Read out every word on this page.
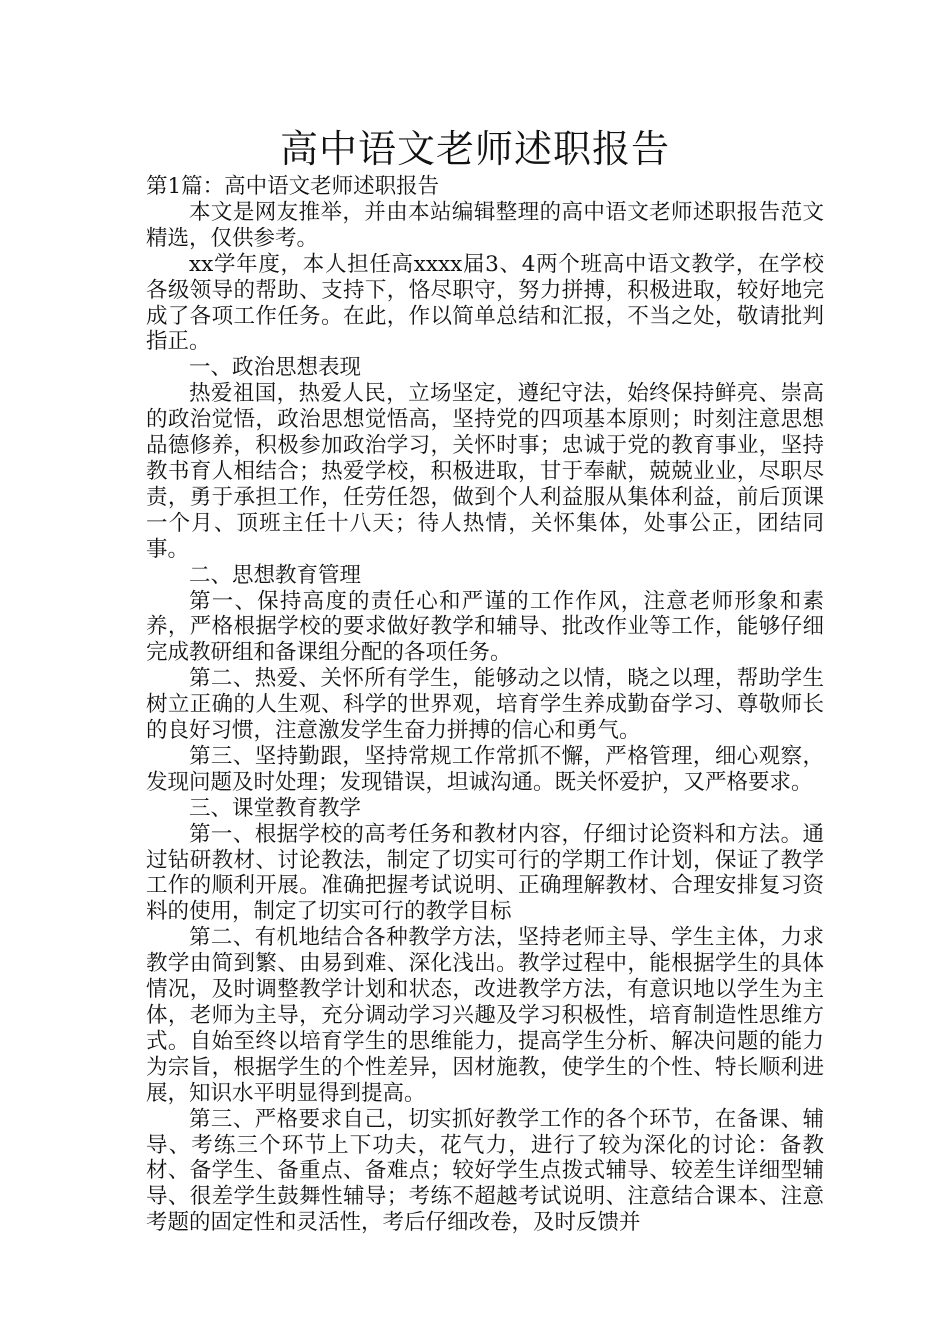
高中语文老师述职报告

第1篇：高中语文老师述职报告

本文是网友推举，并由本站编辑整理的高中语文老师述职报告范文精选，仅供参考。

xx学年度，本人担任高xxxx届3、4两个班高中语文教学，在学校各级领导的帮助、支持下，恪尽职守，努力拼搏，积极进取，较好地完成了各项工作任务。在此，作以简单总结和汇报，不当之处，敬请批判指正。

一、政治思想表现

热爱祖国，热爱人民，立场坚定，遵纪守法，始终保持鲜亮、崇高的政治觉悟，政治思想觉悟高，坚持党的四项基本原则；时刻注意思想品德修养，积极参加政治学习，关怀时事；忠诚于党的教育事业，坚持教书育人相结合；热爱学校，积极进取，甘于奉献，兢兢业业，尽职尽责，勇于承担工作，任劳任怨，做到个人利益服从集体利益，前后顶课一个月、顶班主任十八天；待人热情，关怀集体，处事公正，团结同事。

二、思想教育管理

第一、保持高度的责任心和严谨的工作作风，注意老师形象和素养，严格根据学校的要求做好教学和辅导、批改作业等工作，能够仔细完成教研组和备课组分配的各项任务。

第二、热爱、关怀所有学生，能够动之以情，晓之以理，帮助学生树立正确的人生观、科学的世界观，培育学生养成勤奋学习、尊敬师长的良好习惯，注意激发学生奋力拼搏的信心和勇气。

第三、坚持勤跟，坚持常规工作常抓不懈，严格管理，细心观察，发现问题及时处理；发现错误，坦诚沟通。既关怀爱护，又严格要求。

三、课堂教育教学

第一、根据学校的高考任务和教材内容，仔细讨论资料和方法。通过钻研教材、讨论教法，制定了切实可行的学期工作计划，保证了教学工作的顺利开展。准确把握考试说明、正确理解教材、合理安排复习资料的使用，制定了切实可行的教学目标

第二、有机地结合各种教学方法，坚持老师主导、学生主体，力求教学由简到繁、由易到难、深化浅出。教学过程中，能根据学生的具体情况，及时调整教学计划和状态，改进教学方法，有意识地以学生为主体，老师为主导，充分调动学习兴趣及学习积极性，培育制造性思维方式。自始至终以培育学生的思维能力，提高学生分析、解决问题的能力为宗旨，根据学生的个性差异，因材施教，使学生的个性、特长顺利进展，知识水平明显得到提高。

第三、严格要求自己，切实抓好教学工作的各个环节，在备课、辅导、考练三个环节上下功夫，花气力，进行了较为深化的讨论：备教材、备学生、备重点、备难点；较好学生点拨式辅导、较差生详细型辅导、很差学生鼓舞性辅导；考练不超越考试说明、注意结合课本、注意考题的固定性和灵活性，考后仔细改卷，及时反馈并
